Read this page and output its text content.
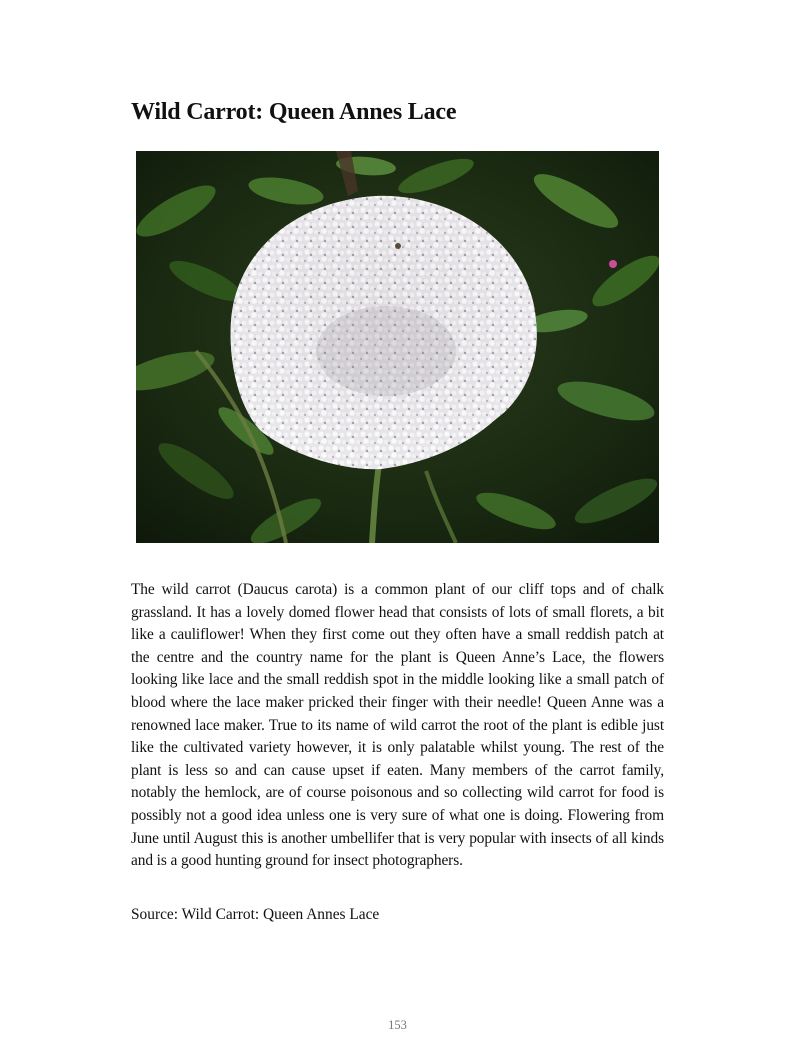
Wild Carrot: Queen Annes Lace

The wild carrot (Daucus carota) is a common plant of our cliff tops and of chalk grassland. It has a lovely domed flower head that consists of lots of small florets, a bit like a cauliflower! When they first come out they often have a small reddish patch at the centre and the country name for the plant is Queen Anne’s Lace, the flowers looking like lace and the small reddish spot in the middle looking like a small patch of blood where the lace maker pricked their finger with their needle! Queen Anne was a renowned lace maker. True to its name of wild carrot the root of the plant is edible just like the cultivated variety however, it is only palatable whilst young. The rest of the plant is less so and can cause upset if eaten. Many members of the carrot family, notably the hemlock, are of course poisonous and so collecting wild carrot for food is possibly not a good idea unless one is very sure of what one is doing. Flowering from June until August this is another umbellifer that is very popular with insects of all kinds and is a good hunting ground for insect photographers.

Source: Wild Carrot: Queen Annes Lace

153
